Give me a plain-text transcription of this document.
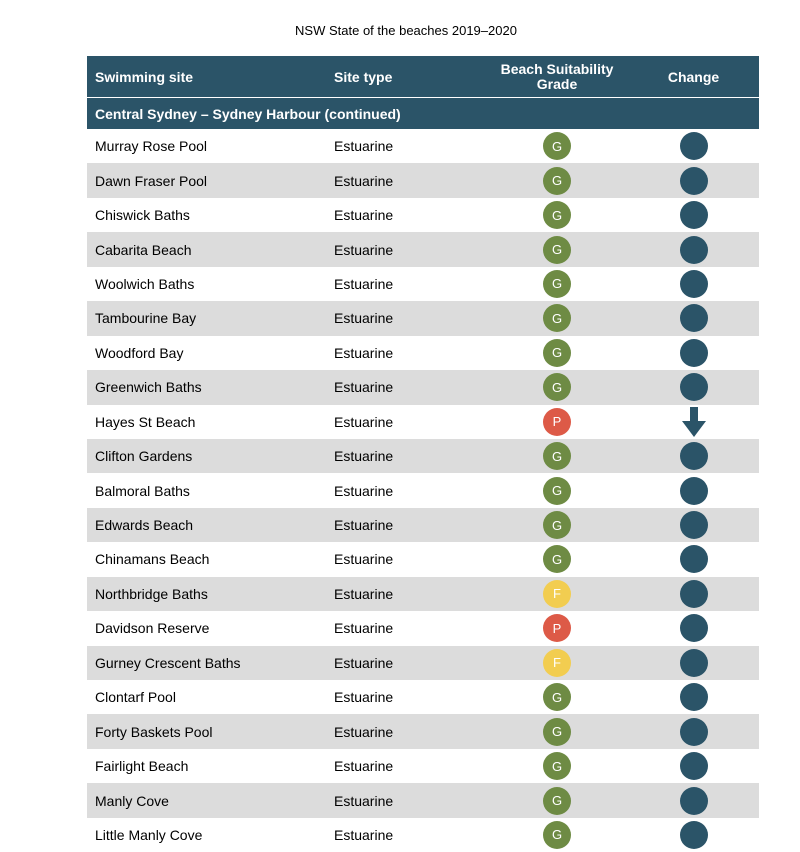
NSW State of the beaches 2019–2020
Swimming site	Site type	Beach Suitability Grade	Change
Central Sydney – Sydney Harbour (continued)
Murray Rose Pool	Estuarine	G
Dawn Fraser Pool	Estuarine	G
Chiswick Baths	Estuarine	G
Cabarita Beach	Estuarine	G
Woolwich Baths	Estuarine	G
Tambourine Bay	Estuarine	G
Woodford Bay	Estuarine	G
Greenwich Baths	Estuarine	G
Hayes St Beach	Estuarine	P
Clifton Gardens	Estuarine	G
Balmoral Baths	Estuarine	G
Edwards Beach	Estuarine	G
Chinamans Beach	Estuarine	G
Northbridge Baths	Estuarine	F
Davidson Reserve	Estuarine	P
Gurney Crescent Baths	Estuarine	F
Clontarf Pool	Estuarine	G
Forty Baskets Pool	Estuarine	G
Fairlight Beach	Estuarine	G
Manly Cove	Estuarine	G
Little Manly Cove	Estuarine	G
